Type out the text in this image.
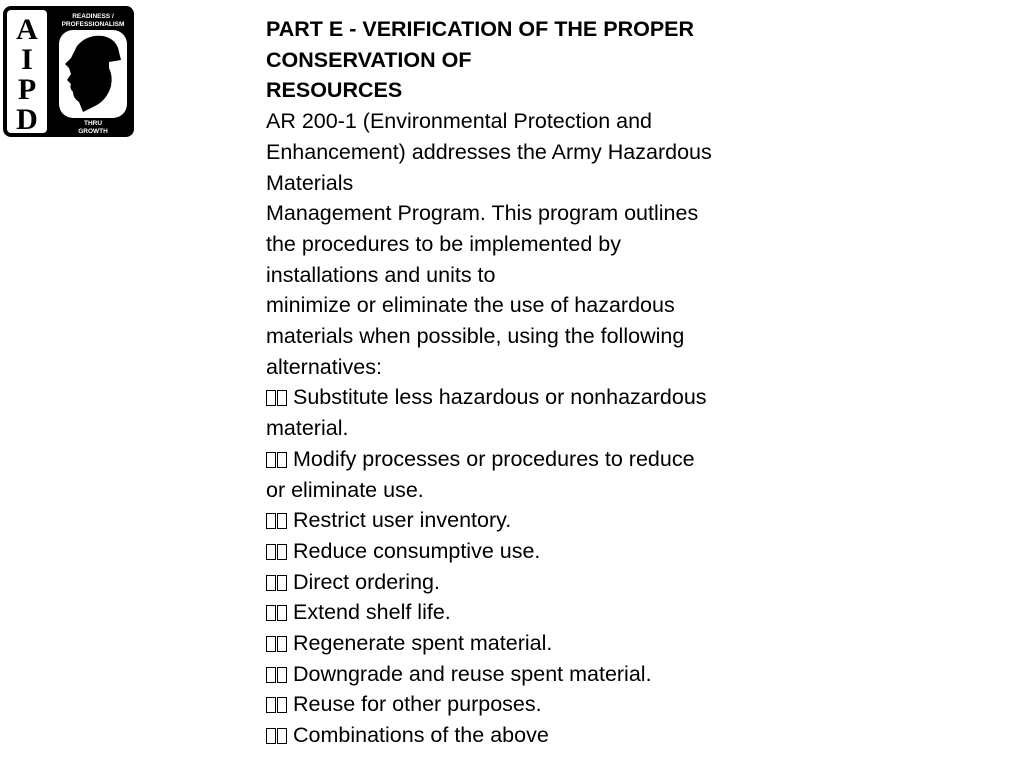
A
I
P
D
READINESS /
PROFESSIONALISM
THRU
GROWTH
PART E - VERIFICATION OF THE PROPER
CONSERVATION OF
RESOURCES
AR 200-1 (Environmental Protection and
Enhancement) addresses the Army Hazardous
Materials
Management Program. This program outlines
the procedures to be implemented by
installations and units to
minimize or eliminate the use of hazardous
materials when possible, using the following
alternatives:
Substitute less hazardous or nonhazardous
material.
Modify processes or procedures to reduce
or eliminate use.
Restrict user inventory.
Reduce consumptive use.
Direct ordering.
Extend shelf life.
Regenerate spent material.
Downgrade and reuse spent material.
Reuse for other purposes.
Combinations of the above
